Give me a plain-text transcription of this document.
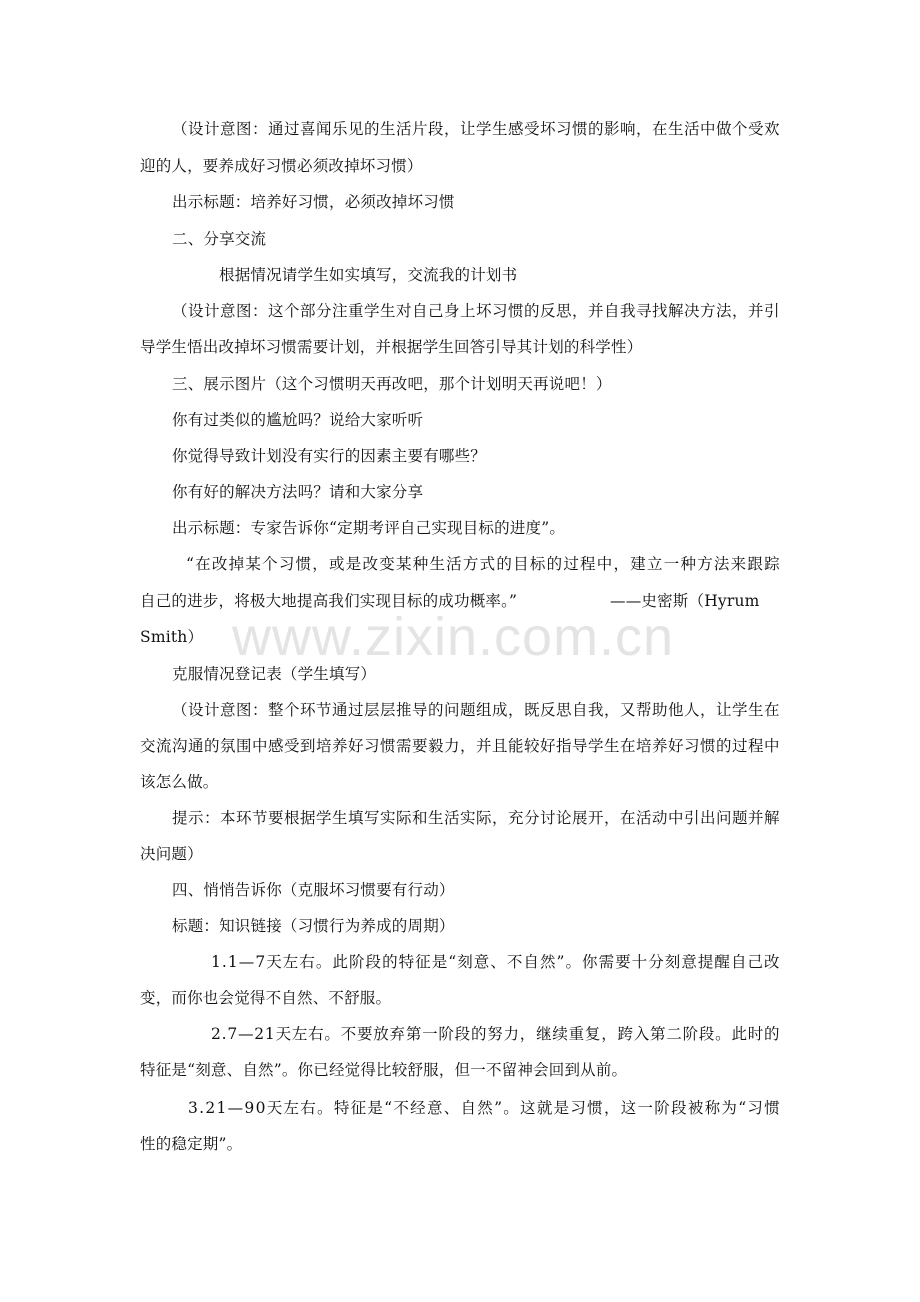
www.zixin.com.cn
（ 设 计 意 图 ： 通 过 喜 闻 乐 见 的 生 活 片 段 ， 让 学 生 感 受 坏 习 惯 的 影 响 ， 在 生 活 中 做 个 受 欢
迎的人，要养成好习惯必须改掉坏习惯）
出示标题：培养好习惯，必须改掉坏习惯
二、分享交流
根据情况请学生如实填写，交流我的计划书
（ 设 计 意 图 ： 这 个 部 分 注 重 学 生 对 自 己 身 上 坏 习 惯 的 反 思 ， 并 自 我 寻 找 解 决 方 法 ， 并 引
导学生悟出改掉坏习惯需要计划，并根据学生回答引导其计划的科学性）
三、展示图片（这个习惯明天再改吧，那个计划明天再说吧！）
你有过类似的尴尬吗？说给大家听听
你觉得导致计划没有实行的因素主要有哪些？
你有好的解决方法吗？请和大家分享
出示标题：专家告诉你“定期考评自己实现目标的进度”。
“ 在 改 掉 某 个 习 惯 ， 或 是 改 变 某 种 生 活 方 式 的 目 标 的 过 程 中 ， 建 立 一 种 方 法 来 跟 踪
自己的进步，将极大地提高我们实现目标的成功概率。”	——史密斯（Hyrum
Smith）
克服情况登记表（学生填写）
（ 设 计 意 图 ： 整 个 环 节 通 过 层 层 推 导 的 问 题 组 成 ， 既 反 思 自 我 ， 又 帮 助 他 人 ， 让 学 生 在
交 流 沟 通 的 氛 围 中 感 受 到 培 养 好 习 惯 需 要 毅 力 ， 并 且 能 较 好 指 导 学 生 在 培 养 好 习 惯 的 过 程 中
该怎么做。
提 示 ： 本 环 节 要 根 据 学 生 填 写 实 际 和 生 活 实 际 ， 充 分 讨 论 展 开 ， 在 活 动 中 引 出 问 题 并 解
决问题）
四、悄悄告诉你（克服坏习惯要有行动）
标题：知识链接（习惯行为养成的周期）
1 . 1 — 7 天 左 右 。 此 阶 段 的 特 征 是 “ 刻 意 、 不 自 然 ” 。 你 需 要 十 分 刻 意 提 醒 自 己 改
变，而你也会觉得不自然、不舒服。
2 . 7 — 2 1 天 左 右 。 不 要 放 弃 第 一 阶 段 的 努 力 ， 继 续 重 复 ， 跨 入 第 二 阶 段 。 此 时 的
特征是“刻意、自然”。你已经觉得比较舒服，但一不留神会回到从前。
3 . 2 1 — 9 0 天 左 右 。 特 征 是 “ 不 经 意 、 自 然 ” 。 这 就 是 习 惯 ， 这 一 阶 段 被 称 为 “ 习 惯
性的稳定期”。
